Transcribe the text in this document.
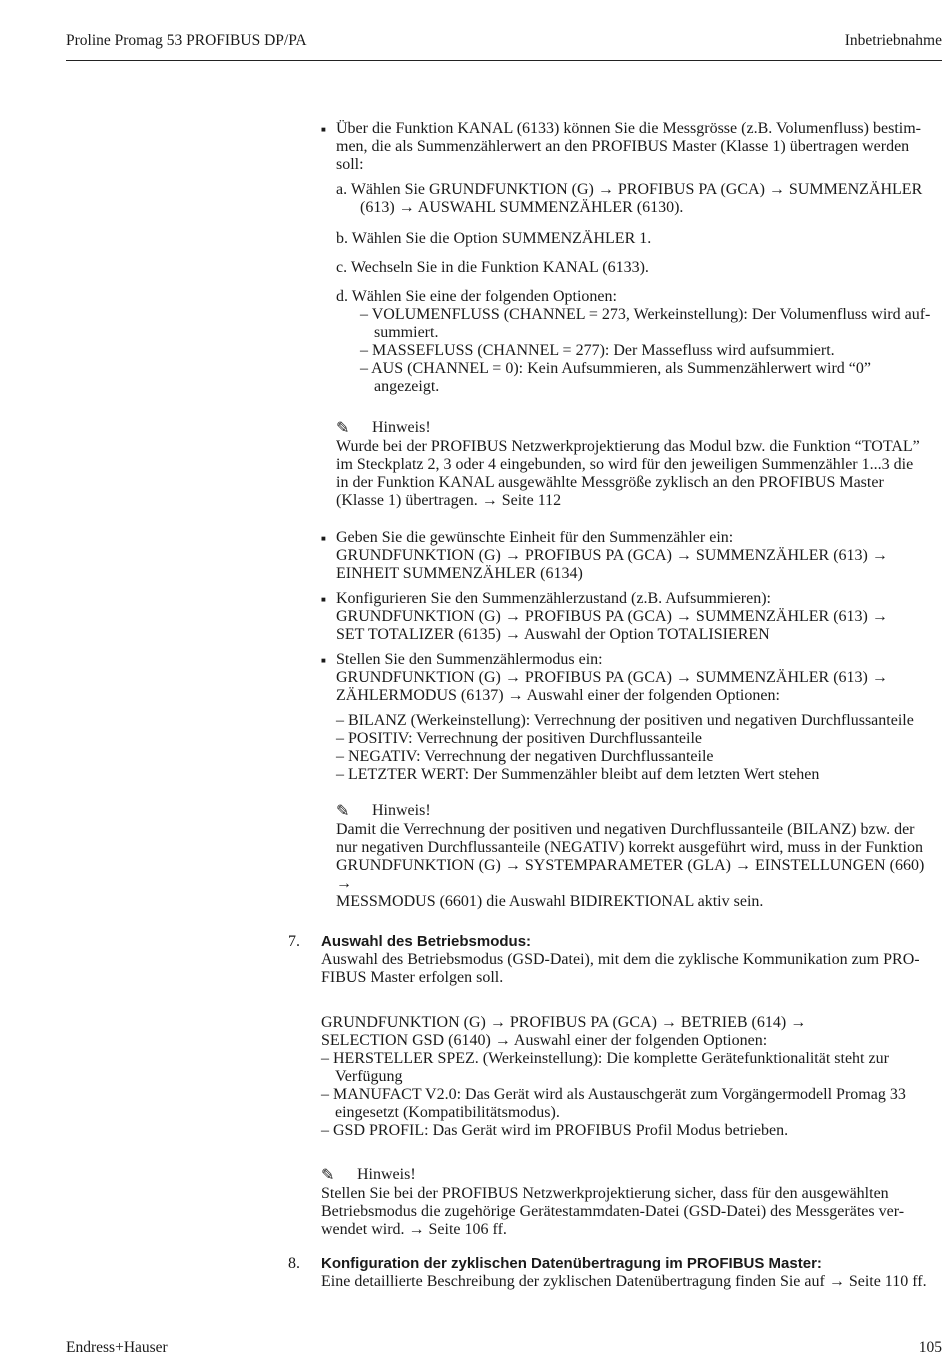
Proline Promag 53 PROFIBUS DP/PA	Inbetriebnahme

■ Über die Funktion KANAL (6133) können Sie die Messgrösse (z.B. Volumenfluss) bestim-

men, die als Summenzählerwert an den PROFIBUS Master (Klasse 1) übertragen werden

soll:

a. Wählen Sie GRUNDFUNKTION (G) → PROFIBUS PA (GCA) → SUMMENZÄHLER

(613) → AUSWAHL SUMMENZÄHLER (6130).

b. Wählen Sie die Option SUMMENZÄHLER 1.

c. Wechseln Sie in die Funktion KANAL (6133).

d. Wählen Sie eine der folgenden Optionen:

– VOLUMENFLUSS (CHANNEL = 273, Werkeinstellung): Der Volumenfluss wird auf-

summiert.

– MASSEFLUSS (CHANNEL = 277): Der Massefluss wird aufsummiert.

– AUS (CHANNEL = 0): Kein Aufsummieren, als Summenzählerwert wird “0”

angezeigt.

✎	Hinweis!

Wurde bei der PROFIBUS Netzwerkprojektierung das Modul bzw. die Funktion “TOTAL”

im Steckplatz 2, 3 oder 4 eingebunden, so wird für den jeweiligen Summenzähler 1...3 die

in der Funktion KANAL ausgewählte Messgröße zyklisch an den PROFIBUS Master

(Klasse 1) übertragen. → Seite 112

■ Geben Sie die gewünschte Einheit für den Summenzähler ein:

GRUNDFUNKTION (G) → PROFIBUS PA (GCA) → SUMMENZÄHLER (613) →

EINHEIT SUMMENZÄHLER (6134)

■ Konfigurieren Sie den Summenzählerzustand (z.B. Aufsummieren):

GRUNDFUNKTION (G) → PROFIBUS PA (GCA) → SUMMENZÄHLER (613) →

SET TOTALIZER (6135) → Auswahl der Option TOTALISIEREN

■ Stellen Sie den Summenzählermodus ein:

GRUNDFUNKTION (G) → PROFIBUS PA (GCA) → SUMMENZÄHLER (613) →

ZÄHLERMODUS (6137) → Auswahl einer der folgenden Optionen:

– BILANZ (Werkeinstellung): Verrechnung der positiven und negativen Durchflussanteile

– POSITIV: Verrechnung der positiven Durchflussanteile

– NEGATIV: Verrechnung der negativen Durchflussanteile

– LETZTER WERT: Der Summenzähler bleibt auf dem letzten Wert stehen

✎	Hinweis!

Damit die Verrechnung der positiven und negativen Durchflussanteile (BILANZ) bzw. der

nur negativen Durchflussanteile (NEGATIV) korrekt ausgeführt wird, muss in der Funktion

GRUNDFUNKTION (G) → SYSTEMPARAMETER (GLA) → EINSTELLUNGEN (660) →

MESSMODUS (6601) die Auswahl BIDIREKTIONAL aktiv sein.

7. Auswahl des Betriebsmodus:

Auswahl des Betriebsmodus (GSD-Datei), mit dem die zyklische Kommunikation zum PRO-

FIBUS Master erfolgen soll.

GRUNDFUNKTION (G) → PROFIBUS PA (GCA) → BETRIEB (614) →

SELECTION GSD (6140) → Auswahl einer der folgenden Optionen:

– HERSTELLER SPEZ. (Werkeinstellung): Die komplette Gerätefunktionalität steht zur

Verfügung

– MANUFACT V2.0: Das Gerät wird als Austauschgerät zum Vorgängermodell Promag 33

eingesetzt (Kompatibilitätsmodus).

– GSD PROFIL: Das Gerät wird im PROFIBUS Profil Modus betrieben.

✎	Hinweis!

Stellen Sie bei der PROFIBUS Netzwerkprojektierung sicher, dass für den ausgewählten

Betriebsmodus die zugehörige Gerätestammdaten-Datei (GSD-Datei) des Messgerätes ver-

wendet wird. → Seite 106 ff.

8. Konfiguration der zyklischen Datenübertragung im PROFIBUS Master:

Eine detaillierte Beschreibung der zyklischen Datenübertragung finden Sie auf → Seite 110 ff.

Endress+Hauser	105
